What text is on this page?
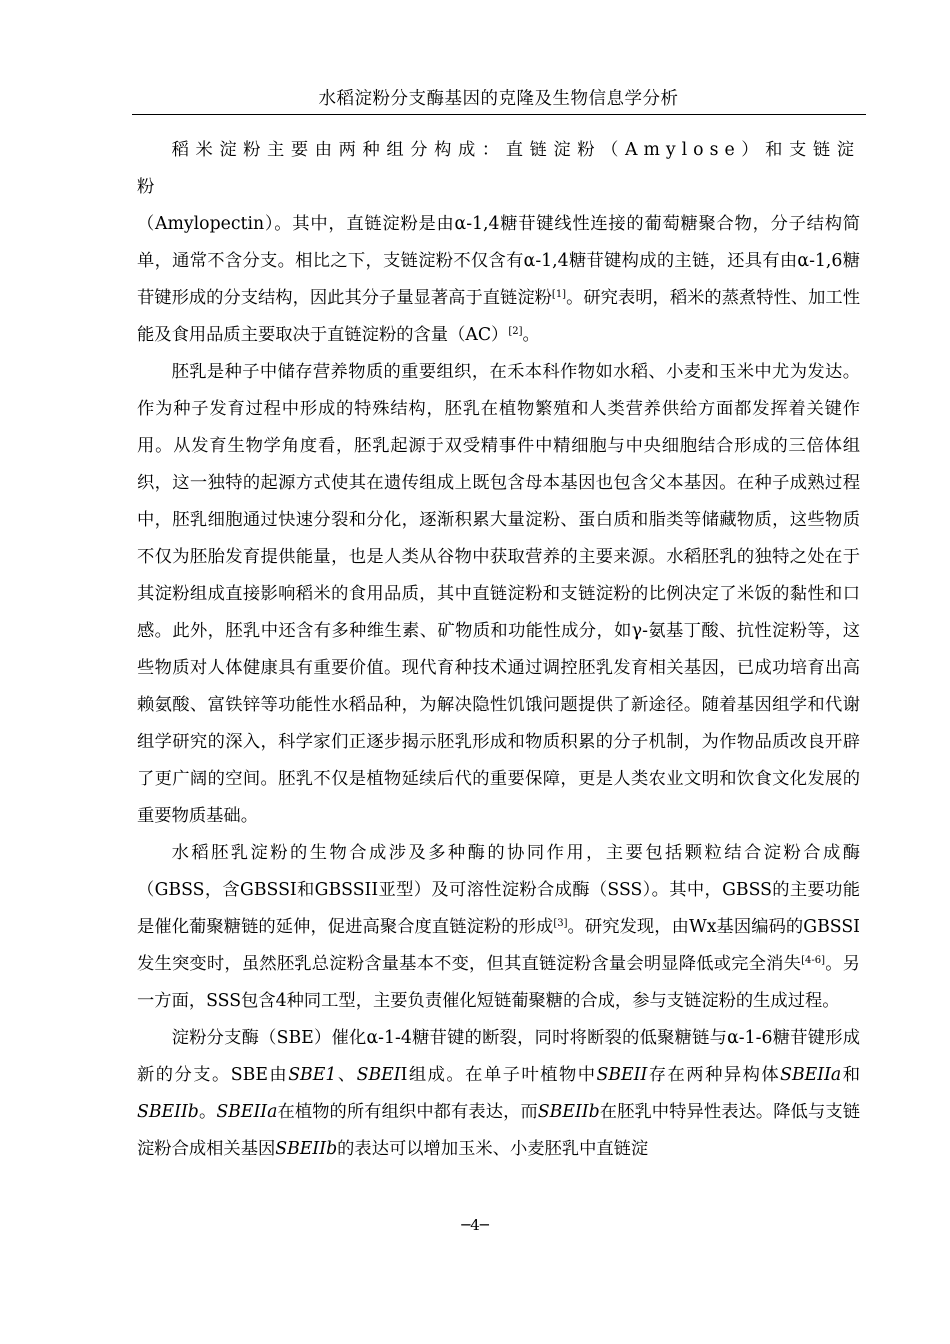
水稻淀粉分支酶基因的克隆及生物信息学分析

稻米淀粉主要由两种组分构成：直链淀粉（Amylose）和支链淀粉

（Amylopectin）。其中，直链淀粉是由α-1,4糖苷键线性连接的葡萄糖聚合物，分子结构简单，通常不含分支。相比之下，支链淀粉不仅含有α-1,4糖苷键构成的主链，还具有由α-1,6糖苷键形成的分支结构，因此其分子量显著高于直链淀粉[1]。研究表明，稻米的蒸煮特性、加工性能及食用品质主要取决于直链淀粉的含量（AC）[2]。

胚乳是种子中储存营养物质的重要组织，在禾本科作物如水稻、小麦和玉米中尤为发达。作为种子发育过程中形成的特殊结构，胚乳在植物繁殖和人类营养供给方面都发挥着关键作用。从发育生物学角度看，胚乳起源于双受精事件中精细胞与中央细胞结合形成的三倍体组织，这一独特的起源方式使其在遗传组成上既包含母本基因也包含父本基因。在种子成熟过程中，胚乳细胞通过快速分裂和分化，逐渐积累大量淀粉、蛋白质和脂类等储藏物质，这些物质不仅为胚胎发育提供能量，也是人类从谷物中获取营养的主要来源。水稻胚乳的独特之处在于其淀粉组成直接影响稻米的食用品质，其中直链淀粉和支链淀粉的比例决定了米饭的黏性和口感。此外，胚乳中还含有多种维生素、矿物质和功能性成分，如γ-氨基丁酸、抗性淀粉等，这些物质对人体健康具有重要价值。现代育种技术通过调控胚乳发育相关基因，已成功培育出高赖氨酸、富铁锌等功能性水稻品种，为解决隐性饥饿问题提供了新途径。随着基因组学和代谢组学研究的深入，科学家们正逐步揭示胚乳形成和物质积累的分子机制，为作物品质改良开辟了更广阔的空间。胚乳不仅是植物延续后代的重要保障，更是人类农业文明和饮食文化发展的重要物质基础。

水稻胚乳淀粉的生物合成涉及多种酶的协同作用，主要包括颗粒结合淀粉合成酶（GBSS，含GBSSI和GBSSII亚型）及可溶性淀粉合成酶（SSS）。其中，GBSS的主要功能是催化葡聚糖链的延伸，促进高聚合度直链淀粉的形成[3]。研究发现，由Wx基因编码的GBSSI发生突变时，虽然胚乳总淀粉含量基本不变，但其直链淀粉含量会明显降低或完全消失[4-6]。另一方面，SSS包含4种同工型，主要负责催化短链葡聚糖的合成，参与支链淀粉的生成过程。

淀粉分支酶（SBE）催化α-1-4糖苷键的断裂，同时将断裂的低聚糖链与α-1-6糖苷键形成新的分支。SBE由SBE1、SBEII组成。在单子叶植物中SBEII存在两种异构体SBEIIa和SBEIIb。SBEIIa在植物的所有组织中都有表达，而SBEIIb在胚乳中特异性表达。降低与支链淀粉合成相关基因SBEIIb的表达可以增加玉米、小麦胚乳中直链淀

─4─
